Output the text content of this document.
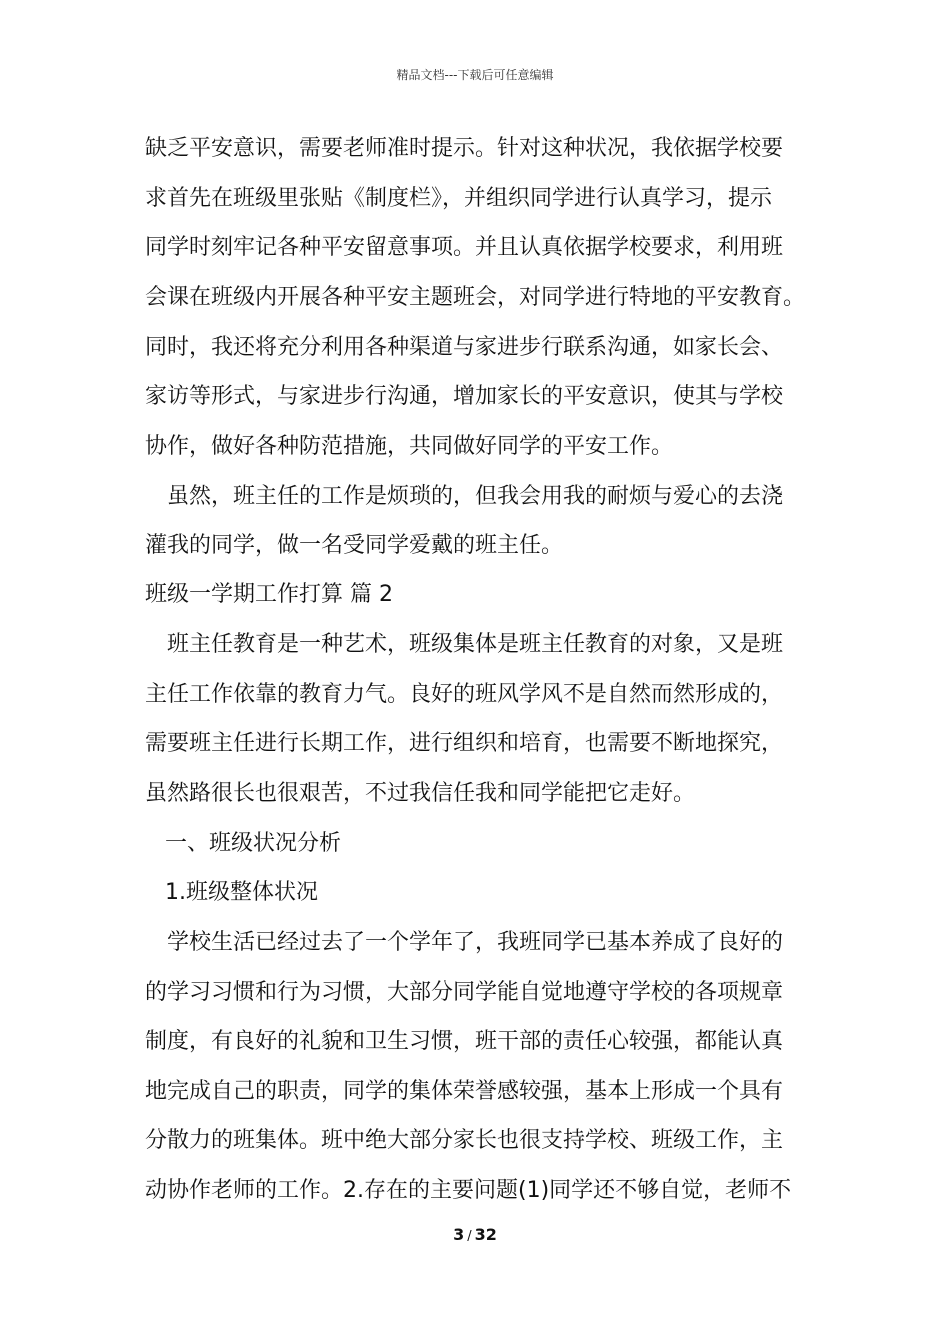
精品文档---下载后可任意编辑
缺乏平安意识，需要老师准时提示。针对这种状况，我依据学校要
求首先在班级里张贴《制度栏》，并组织同学进行认真学习，提示
同学时刻牢记各种平安留意事项。并且认真依据学校要求，利用班
会课在班级内开展各种平安主题班会，对同学进行特地的平安教育。
同时，我还将充分利用各种渠道与家进步行联系沟通，如家长会、
家访等形式，与家进步行沟通，增加家长的平安意识，使其与学校
协作，做好各种防范措施，共同做好同学的平安工作。
虽然，班主任的工作是烦琐的，但我会用我的耐烦与爱心的去浇
灌我的同学，做一名受同学爱戴的班主任。
班级一学期工作打算 篇 2
班主任教育是一种艺术，班级集体是班主任教育的对象，又是班
主任工作依靠的教育力气。良好的班风学风不是自然而然形成的，
需要班主任进行长期工作，进行组织和培育，也需要不断地探究，
虽然路很长也很艰苦，不过我信任我和同学能把它走好。
一、班级状况分析
1.班级整体状况
学校生活已经过去了一个学年了，我班同学已基本养成了良好的
的学习习惯和行为习惯，大部分同学能自觉地遵守学校的各项规章
制度，有良好的礼貌和卫生习惯，班干部的责任心较强，都能认真
地完成自己的职责，同学的集体荣誉感较强，基本上形成一个具有
分散力的班集体。班中绝大部分家长也很支持学校、班级工作，主
动协作老师的工作。2.存在的主要问题(1)同学还不够自觉，老师不
3 / 32
